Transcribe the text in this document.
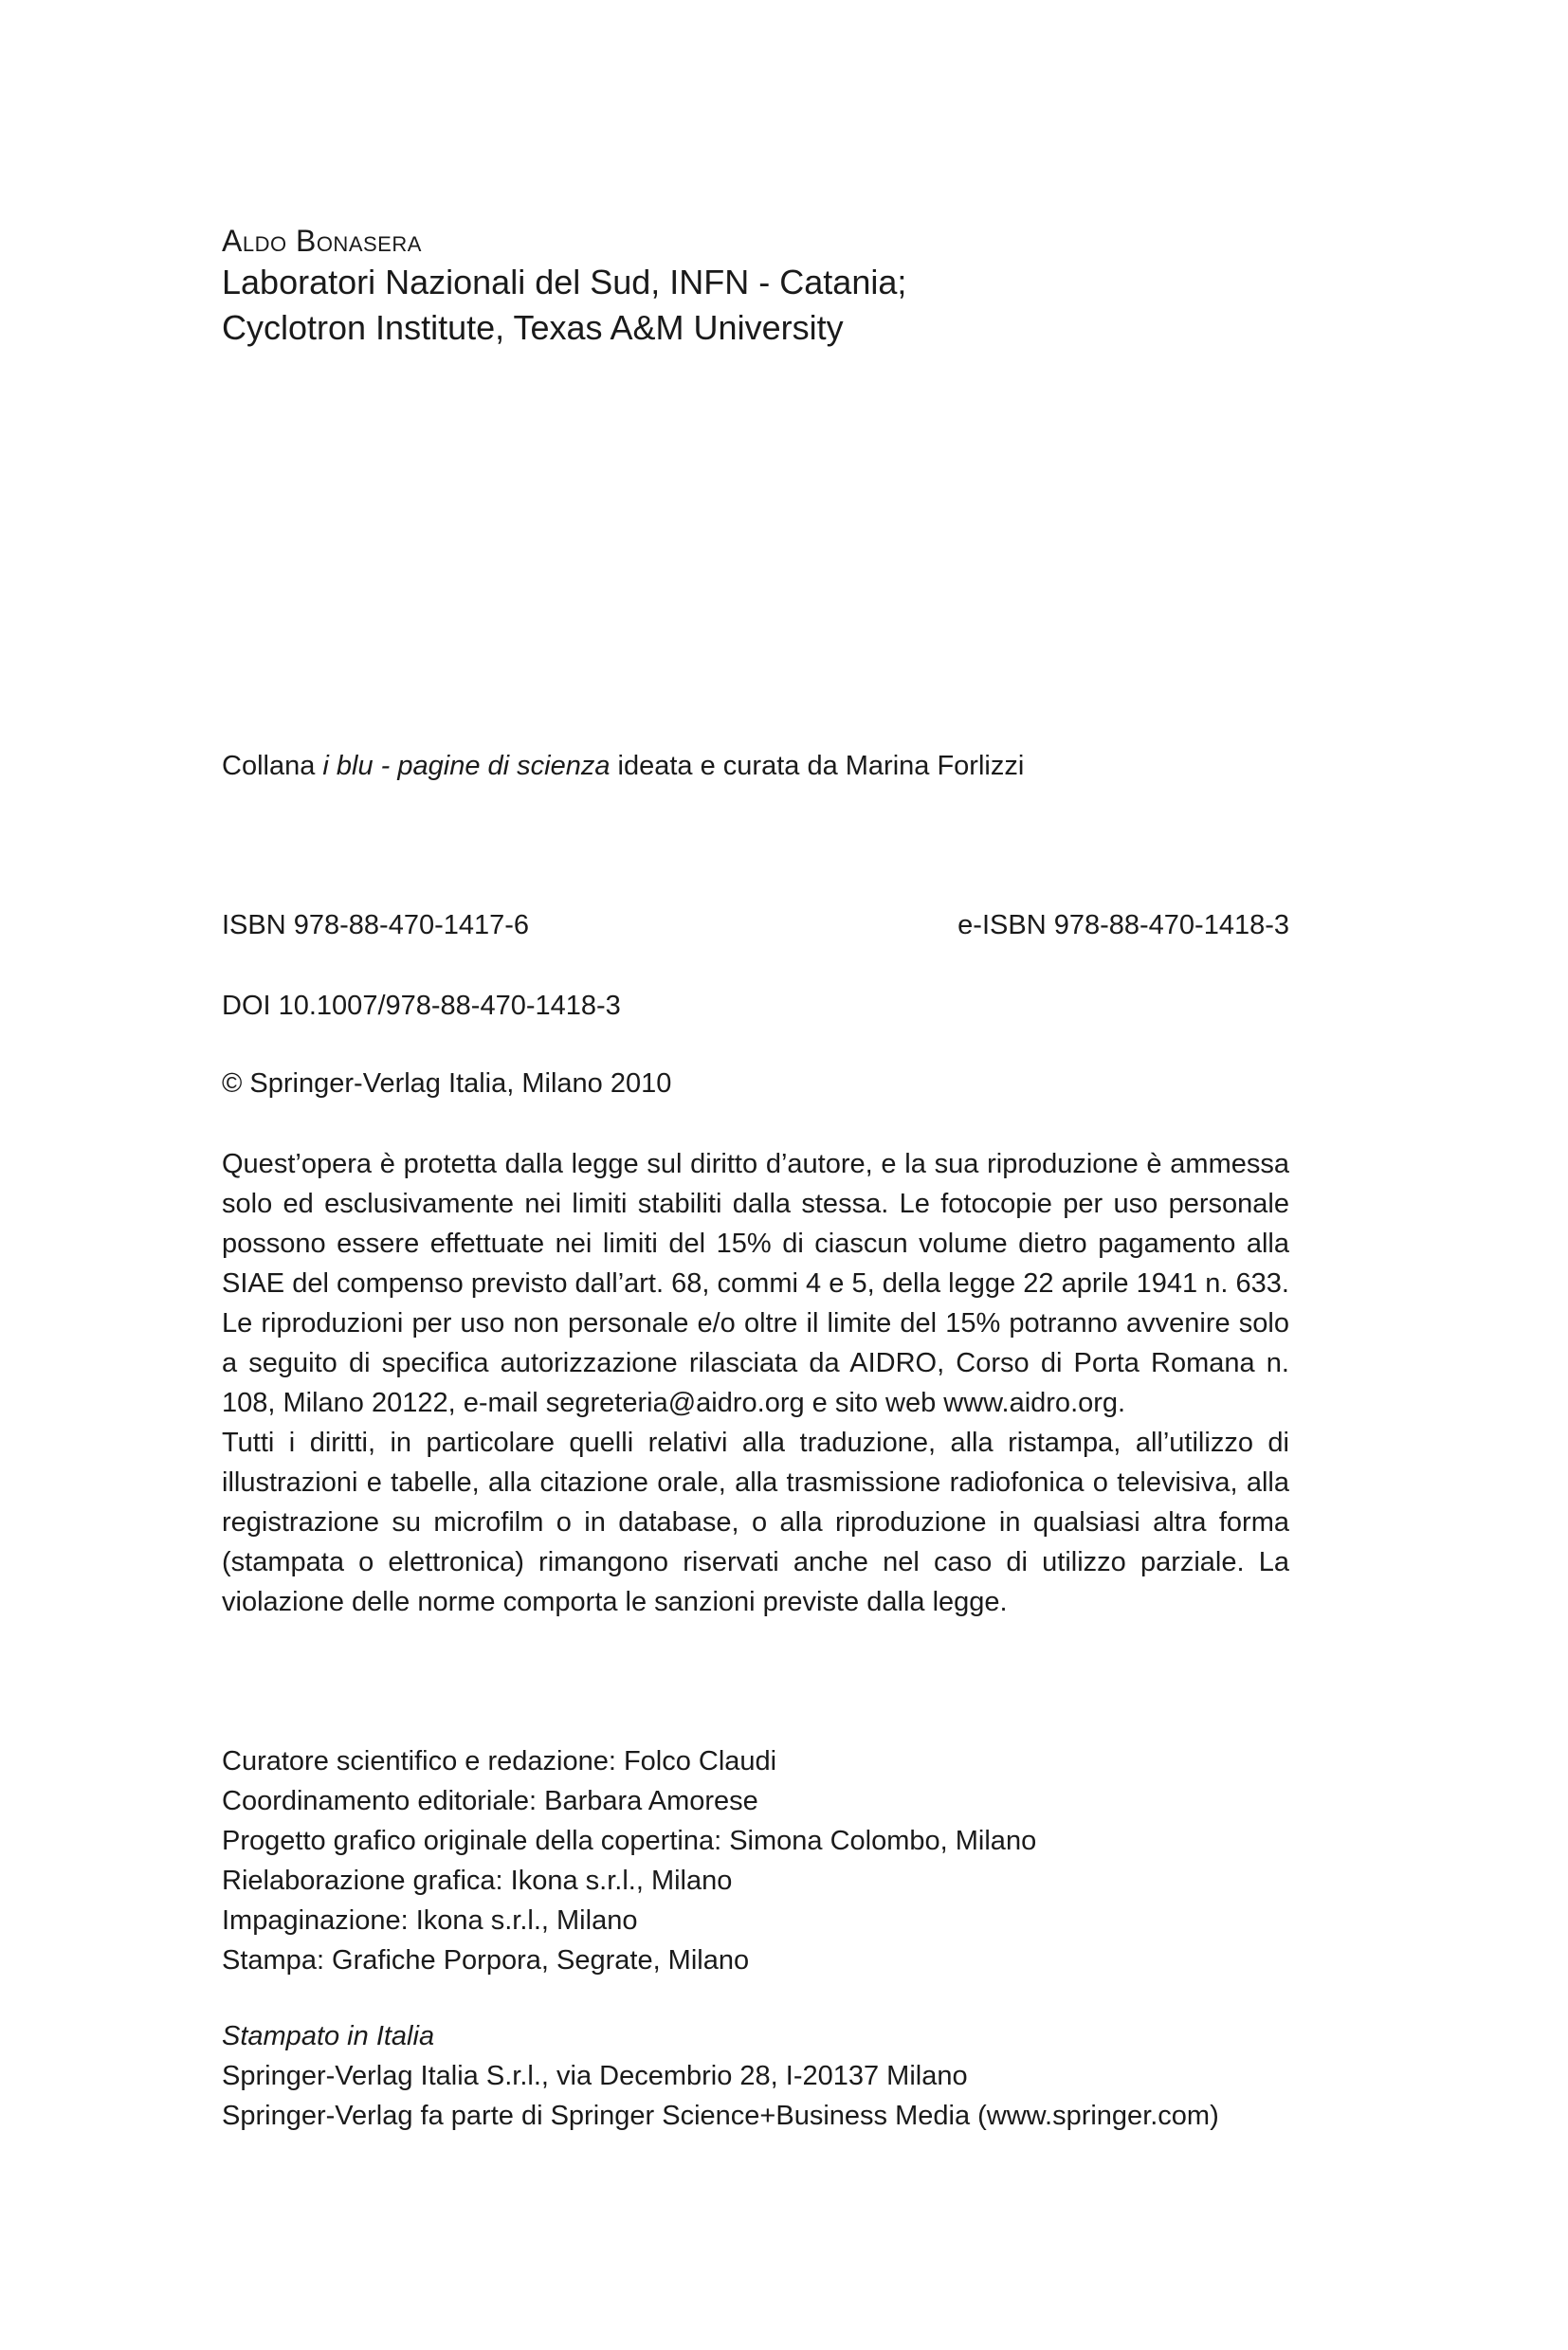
Aldo Bonasera
Laboratori Nazionali del Sud, INFN - Catania;
Cyclotron Institute, Texas A&M University
Collana i blu - pagine di scienza ideata e curata da Marina Forlizzi
ISBN 978-88-470-1417-6	e-ISBN 978-88-470-1418-3
DOI 10.1007/978-88-470-1418-3
© Springer-Verlag Italia, Milano 2010

Quest’opera è protetta dalla legge sul diritto d’autore, e la sua riproduzione è ammessa solo ed esclusivamente nei limiti stabiliti dalla stessa. Le fotocopie per uso personale possono essere effettuate nei limiti del 15% di ciascun volume dietro pagamento alla SIAE del compenso previsto dall’art. 68, commi 4 e 5, della legge 22 aprile 1941 n. 633. Le riproduzioni per uso non personale e/o oltre il limite del 15% potranno avvenire solo a seguito di specifica autorizzazione rilasciata da AIDRO, Corso di Porta Romana n. 108, Milano 20122, e-mail segreteria@aidro.org e sito web www.aidro.org.

Tutti i diritti, in particolare quelli relativi alla traduzione, alla ristampa, all’utilizzo di illustrazioni e tabelle, alla citazione orale, alla trasmissione radiofonica o televisiva, alla registrazione su microfilm o in database, o alla riproduzione in qualsiasi altra forma (stampata o elettronica) rimangono riservati anche nel caso di utilizzo parziale. La violazione delle norme comporta le sanzioni previste dalla legge.

Curatore scientifico e redazione: Folco Claudi
Coordinamento editoriale: Barbara Amorese
Progetto grafico originale della copertina: Simona Colombo, Milano
Rielaborazione grafica: Ikona s.r.l., Milano
Impaginazione: Ikona s.r.l., Milano
Stampa: Grafiche Porpora, Segrate, Milano
Stampato in Italia
Springer-Verlag Italia S.r.l., via Decembrio 28, I-20137 Milano
Springer-Verlag fa parte di Springer Science+Business Media (www.springer.com)
